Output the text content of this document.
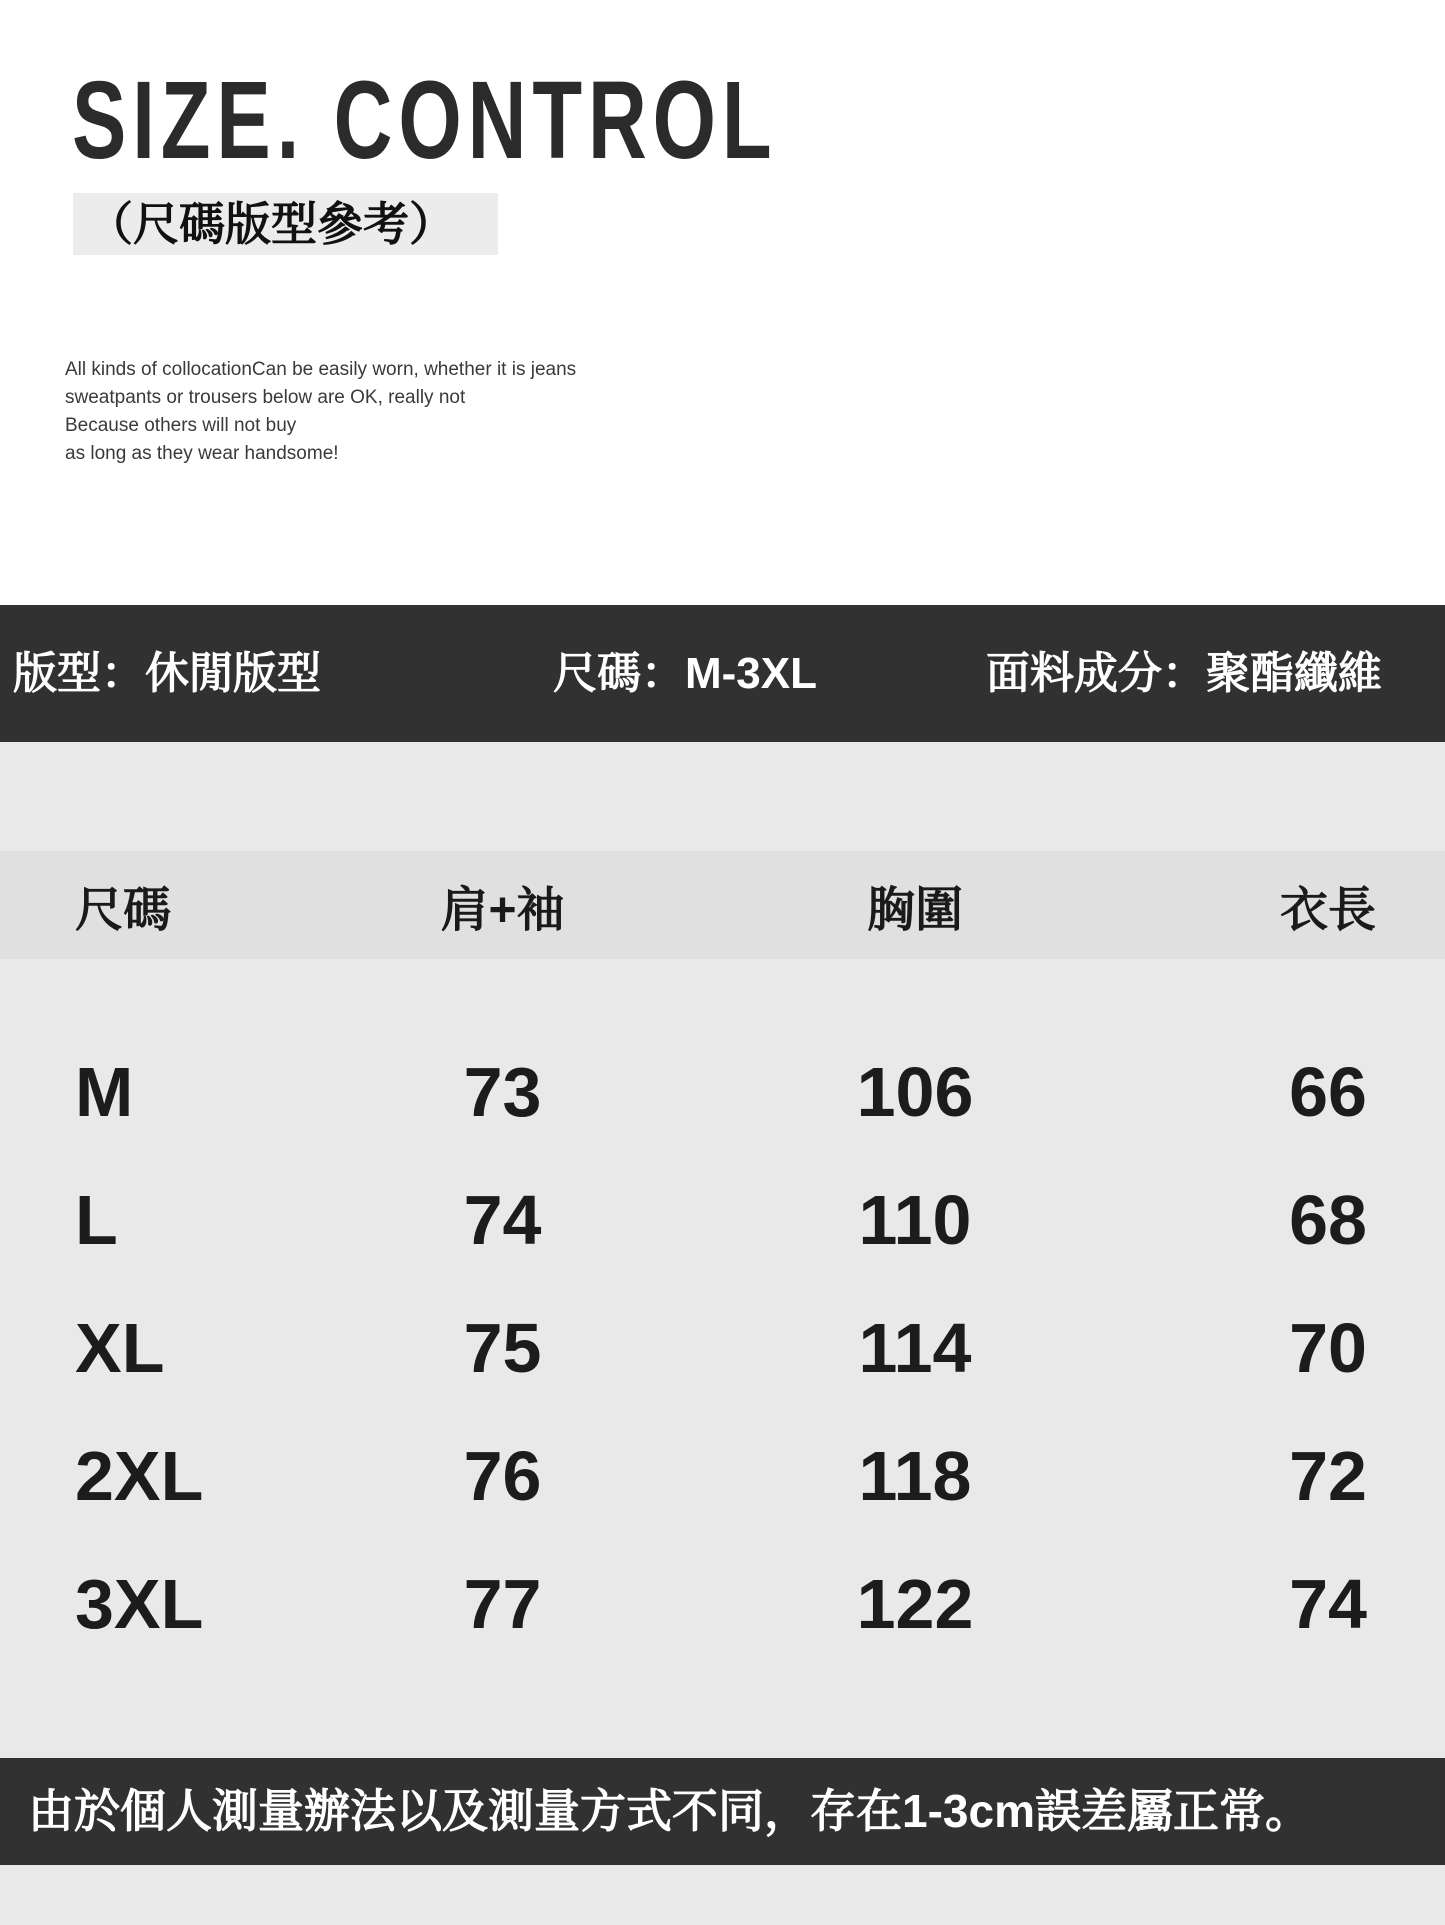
SIZE. CONTROL
（尺碼版型參考）
All kinds of collocationCan be easily worn, whether it is jeans
sweatpants or trousers below are OK, really not
Because others will not buy
as long as they wear handsome!
版型：休閒版型	尺碼：M-3XL	面料成分：聚酯纖維
尺碼	肩+袖	胸圍	衣長
M	73	106	66
L	74	110	68
XL	75	114	70
2XL	76	118	72
3XL	77	122	74
由於個人測量辦法以及測量方式不同，存在1-3cm誤差屬正常。
